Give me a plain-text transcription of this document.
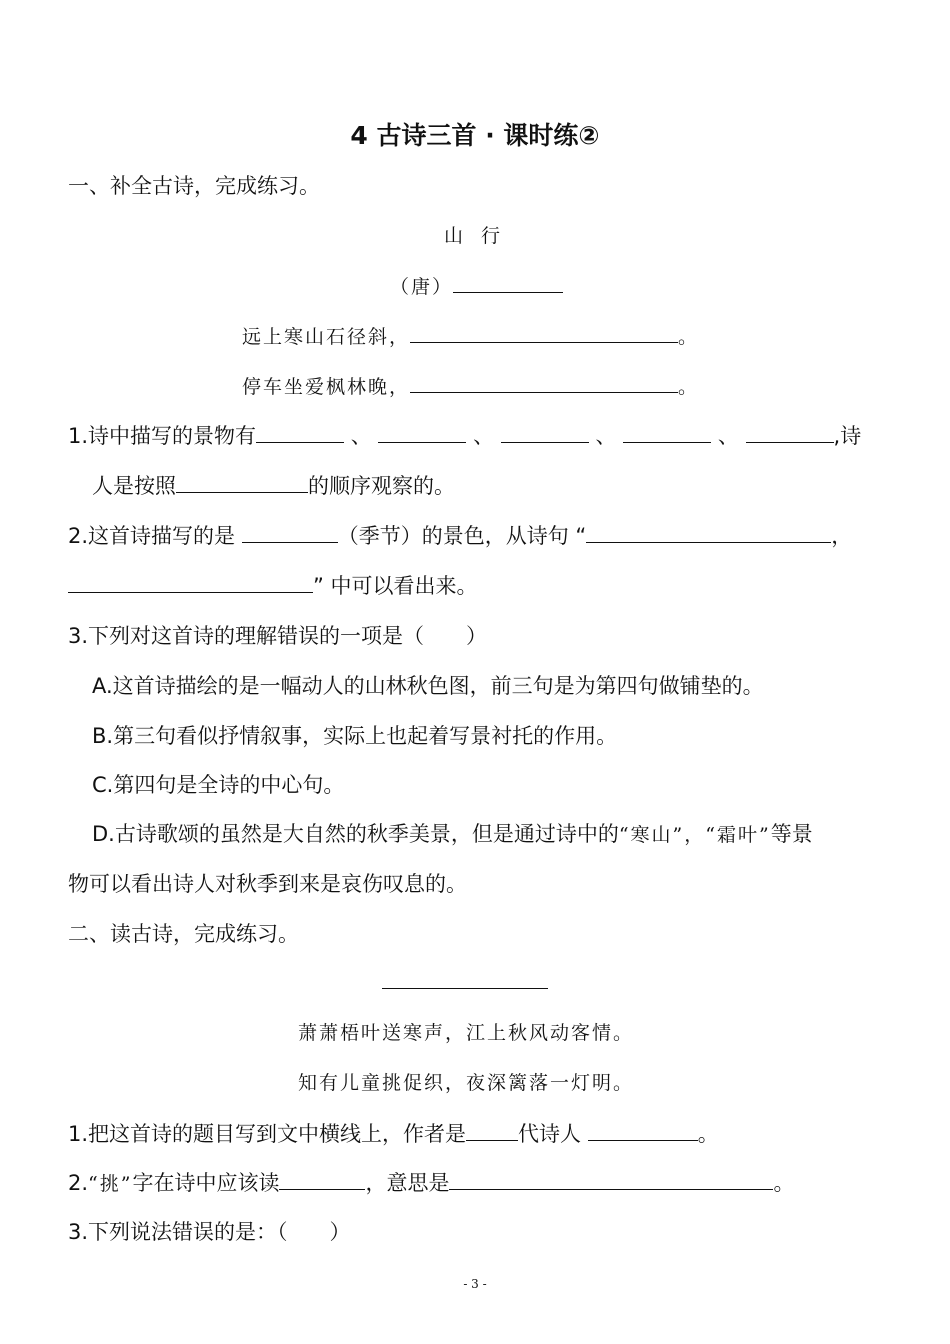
4 古诗三首 · 课时练②
一、补全古诗，完成练习。
山 行
（唐）
远上寒山石径斜，	。
停车坐爱枫林晚，	。
1.诗中描写的景物有	、	、	、	、	,诗
人是按照	的顺序观察的。
2.这首诗描写的是	（季节）的景色，从诗句 “	，
” 中可以看出来。
3.下列对这首诗的理解错误的一项是（　　）
A.这首诗描绘的是一幅动人的山林秋色图，前三句是为第四句做铺垫的。
B.第三句看似抒情叙事，实际上也起着写景衬托的作用。
C.第四句是全诗的中心句。
D.古诗歌颂的虽然是大自然的秋季美景，但是通过诗中的“寒山”，“霜叶”等景
物可以看出诗人对秋季到来是哀伤叹息的。
二、读古诗，完成练习。
萧萧梧叶送寒声，江上秋风动客情。
知有儿童挑促织，夜深篱落一灯明。
1.把这首诗的题目写到文中横线上，作者是 代诗人	。
2.“挑”字在诗中应该读	，意思是	。
3.下列说法错误的是：（　　）
- 3 -
